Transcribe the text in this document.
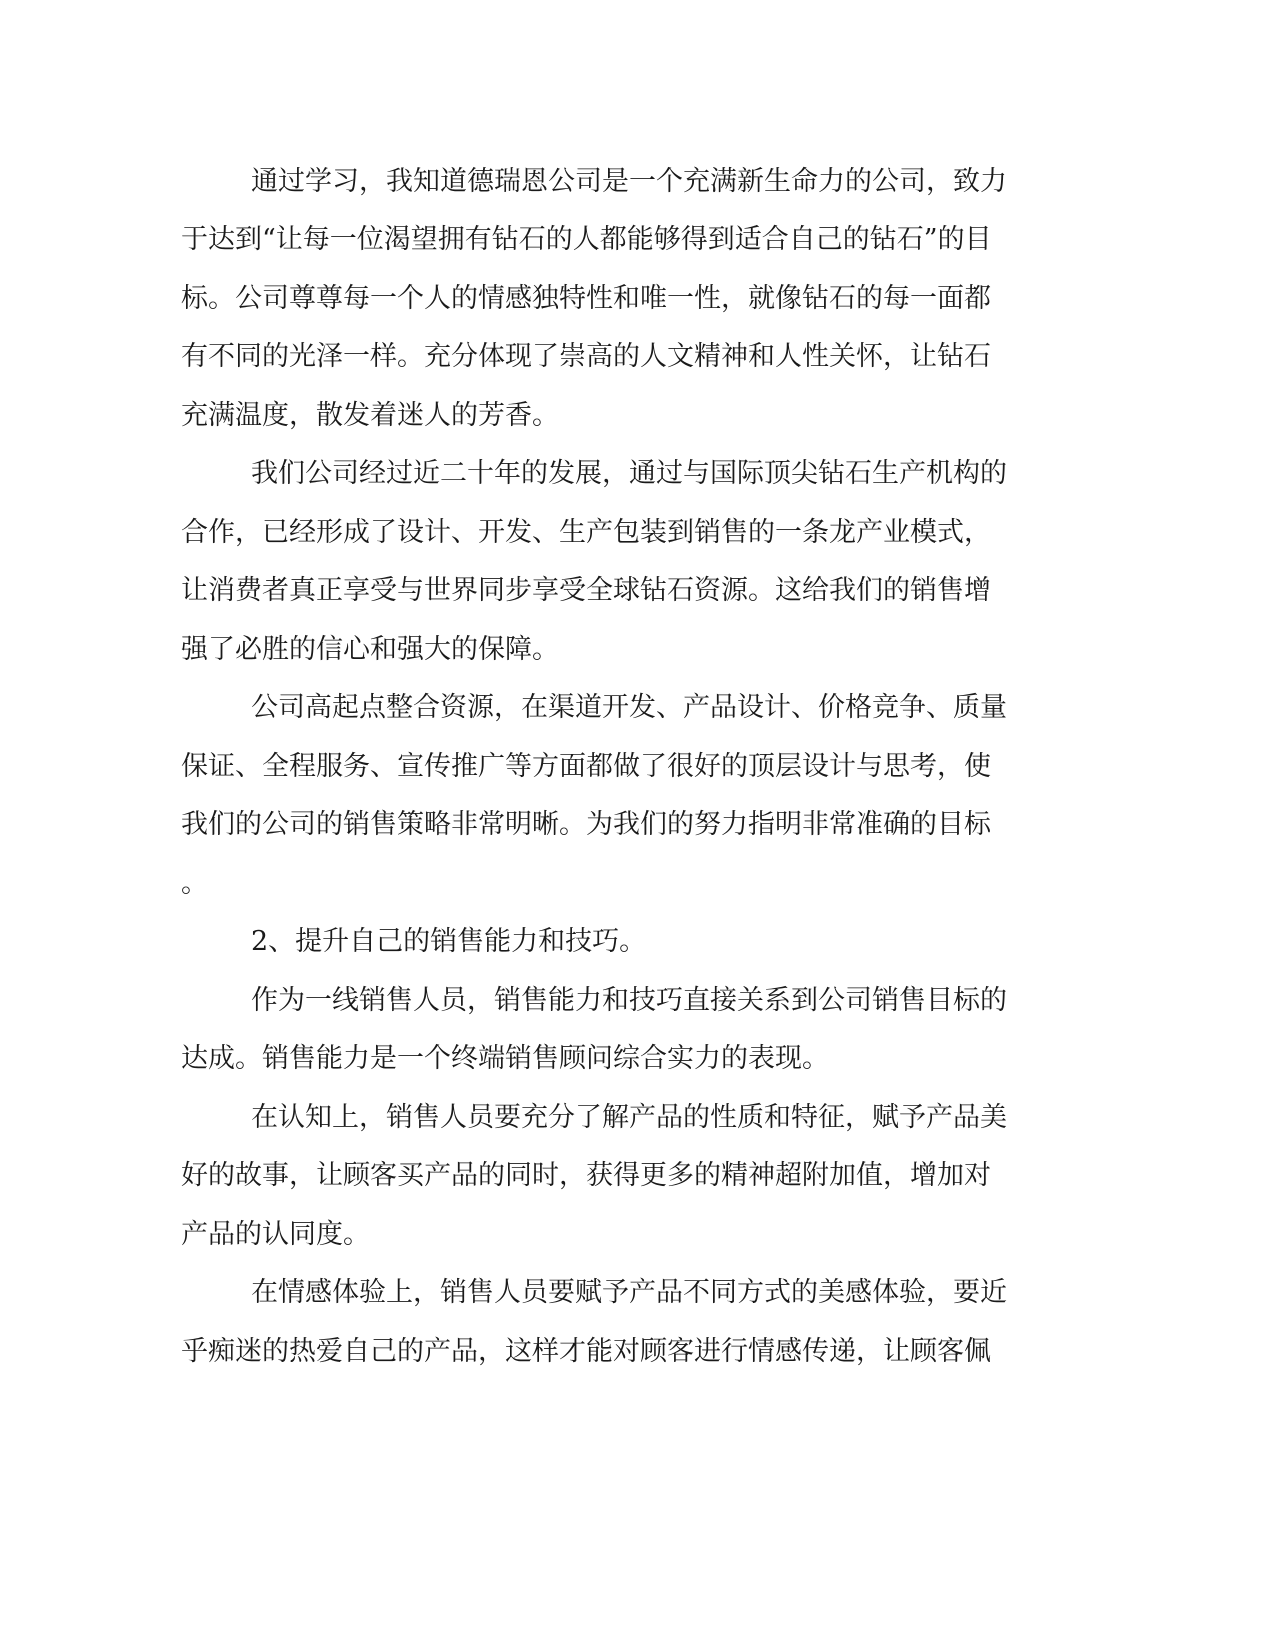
通过学习，我知道德瑞恩公司是一个充满新生命力的公司，致力

于达到“让每一位渴望拥有钻石的人都能够得到适合自己的钻石”的目

标。公司尊尊每一个人的情感独特性和唯一性，就像钻石的每一面都

有不同的光泽一样。充分体现了崇高的人文精神和人性关怀，让钻石

充满温度，散发着迷人的芳香。

我们公司经过近二十年的发展，通过与国际顶尖钻石生产机构的

合作，已经形成了设计、开发、生产包装到销售的一条龙产业模式，

让消费者真正享受与世界同步享受全球钻石资源。这给我们的销售增

强了必胜的信心和强大的保障。

公司高起点整合资源，在渠道开发、产品设计、价格竞争、质量

保证、全程服务、宣传推广等方面都做了很好的顶层设计与思考，使

我们的公司的销售策略非常明晰。为我们的努力指明非常准确的目标

。

2、提升自己的销售能力和技巧。

作为一线销售人员，销售能力和技巧直接关系到公司销售目标的

达成。销售能力是一个终端销售顾问综合实力的表现。

在认知上，销售人员要充分了解产品的性质和特征，赋予产品美

好的故事，让顾客买产品的同时，获得更多的精神超附加值，增加对

产品的认同度。

在情感体验上，销售人员要赋予产品不同方式的美感体验，要近

乎痴迷的热爱自己的产品，这样才能对顾客进行情感传递，让顾客佩
